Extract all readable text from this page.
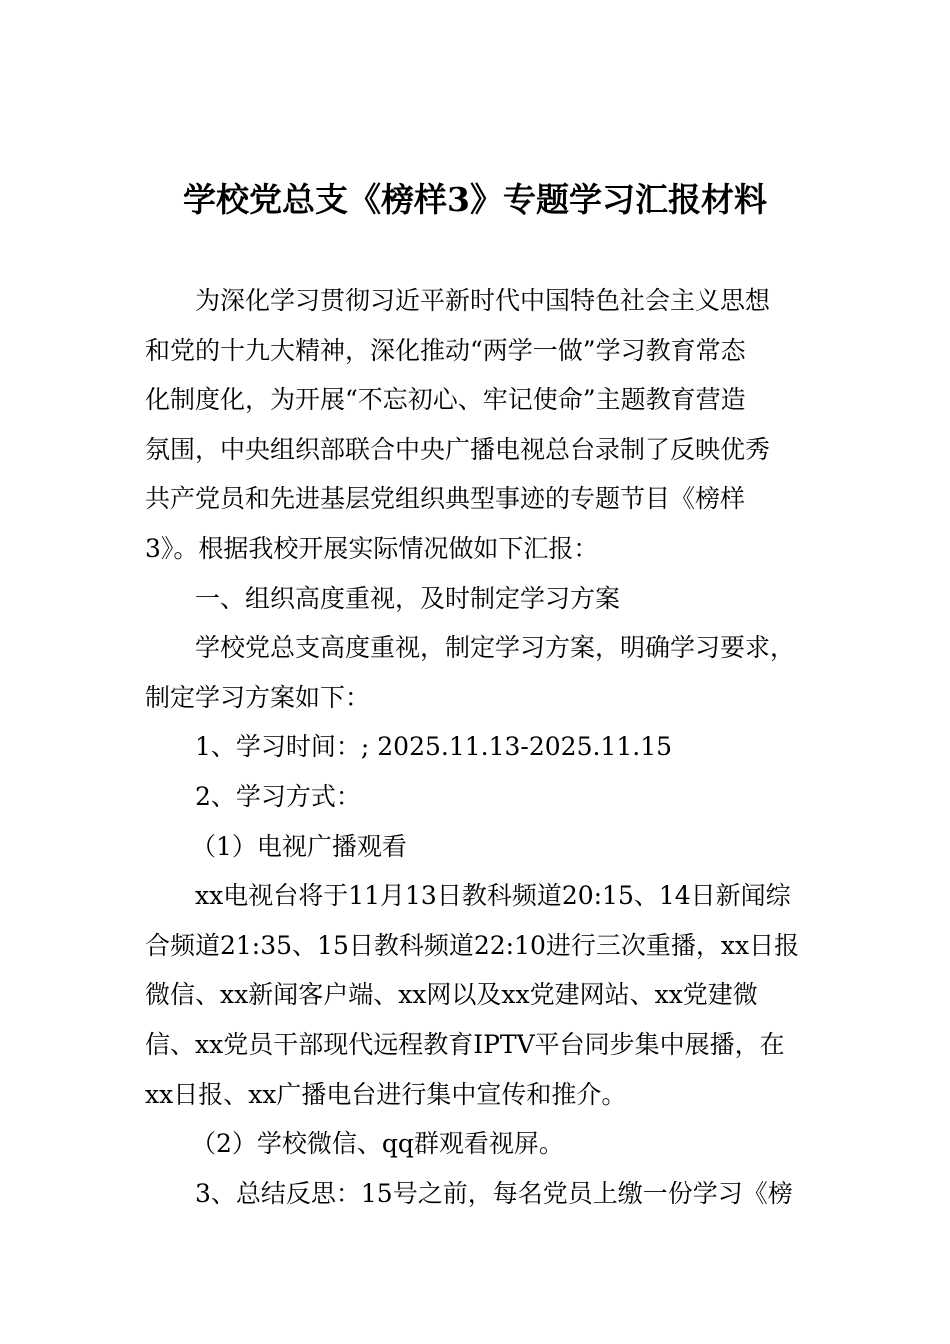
学校党总支《榜样3》专题学习汇报材料
为深化学习贯彻习近平新时代中国特色社会主义思想
和党的十九大精神，深化推动“两学一做”学习教育常态
化制度化，为开展“不忘初心、牢记使命”主题教育营造
氛围，中央组织部联合中央广播电视总台录制了反映优秀
共产党员和先进基层党组织典型事迹的专题节目《榜样
3》。根据我校开展实际情况做如下汇报：
一、组织高度重视，及时制定学习方案
学校党总支高度重视，制定学习方案，明确学习要求，
制定学习方案如下：
1、学习时间：; 2025.11.13-2025.11.15
2、学习方式：
（1）电视广播观看
xx电视台将于11月13日教科频道20:15、14日新闻综
合频道21:35、15日教科频道22:10进行三次重播，xx日报
微信、xx新闻客户端、xx网以及xx党建网站、xx党建微
信、xx党员干部现代远程教育IPTV平台同步集中展播，在
xx日报、xx广播电台进行集中宣传和推介。
（2）学校微信、qq群观看视屏。
3、总结反思：15号之前，每名党员上缴一份学习《榜
